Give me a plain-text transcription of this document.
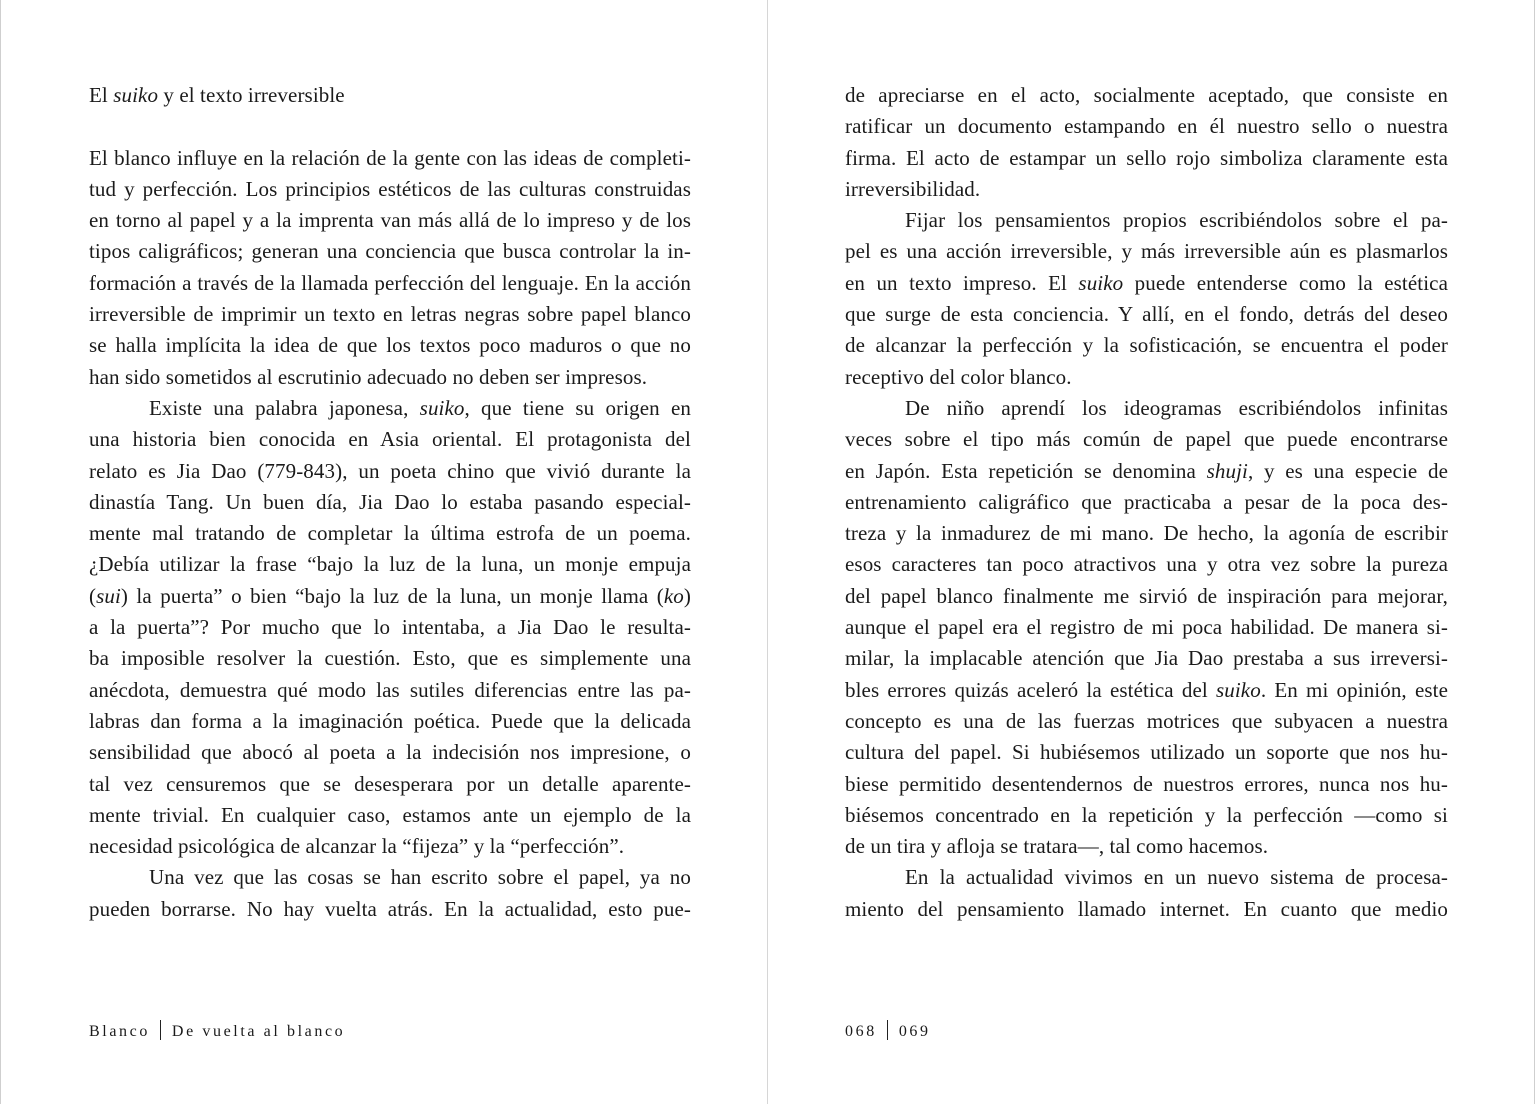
El suiko y el texto irreversible
El blanco influye en la relación de la gente con las ideas de completi-
tud y perfección. Los principios estéticos de las culturas construidas
en torno al papel y a la imprenta van más allá de lo impreso y de los
tipos caligráficos; generan una conciencia que busca controlar la in-
formación a través de la llamada perfección del lenguaje. En la acción
irreversible de imprimir un texto en letras negras sobre papel blanco
se halla implícita la idea de que los textos poco maduros o que no
han sido sometidos al escrutinio adecuado no deben ser impresos.
Existe una palabra japonesa, suiko, que tiene su origen en
una historia bien conocida en Asia oriental. El protagonista del
relato es Jia Dao (779-843), un poeta chino que vivió durante la
dinastía Tang. Un buen día, Jia Dao lo estaba pasando especial-
mente mal tratando de completar la última estrofa de un poema.
¿Debía utilizar la frase “bajo la luz de la luna, un monje empuja
(sui) la puerta” o bien “bajo la luz de la luna, un monje llama (ko)
a la puerta”? Por mucho que lo intentaba, a Jia Dao le resulta-
ba imposible resolver la cuestión. Esto, que es simplemente una
anécdota, demuestra qué modo las sutiles diferencias entre las pa-
labras dan forma a la imaginación poética. Puede que la delicada
sensibilidad que abocó al poeta a la indecisión nos impresione, o
tal vez censuremos que se desesperara por un detalle aparente-
mente trivial. En cualquier caso, estamos ante un ejemplo de la
necesidad psicológica de alcanzar la “fijeza” y la “perfección”.
Una vez que las cosas se han escrito sobre el papel, ya no
pueden borrarse. No hay vuelta atrás. En la actualidad, esto pue-
Blanco De vuelta al blanco
de apreciarse en el acto, socialmente aceptado, que consiste en
ratificar un documento estampando en él nuestro sello o nuestra
firma. El acto de estampar un sello rojo simboliza claramente esta
irreversibilidad.
Fijar los pensamientos propios escribiéndolos sobre el pa-
pel es una acción irreversible, y más irreversible aún es plasmarlos
en un texto impreso. El suiko puede entenderse como la estética
que surge de esta conciencia. Y allí, en el fondo, detrás del deseo
de alcanzar la perfección y la sofisticación, se encuentra el poder
receptivo del color blanco.
De niño aprendí los ideogramas escribiéndolos infinitas
veces sobre el tipo más común de papel que puede encontrarse
en Japón. Esta repetición se denomina shuji, y es una especie de
entrenamiento caligráfico que practicaba a pesar de la poca des-
treza y la inmadurez de mi mano. De hecho, la agonía de escribir
esos caracteres tan poco atractivos una y otra vez sobre la pureza
del papel blanco finalmente me sirvió de inspiración para mejorar,
aunque el papel era el registro de mi poca habilidad. De manera si-
milar, la implacable atención que Jia Dao prestaba a sus irreversi-
bles errores quizás aceleró la estética del suiko. En mi opinión, este
concepto es una de las fuerzas motrices que subyacen a nuestra
cultura del papel. Si hubiésemos utilizado un soporte que nos hu-
biese permitido desentendernos de nuestros errores, nunca nos hu-
biésemos concentrado en la repetición y la perfección —como si
de un tira y afloja se tratara—, tal como hacemos.
En la actualidad vivimos en un nuevo sistema de procesa-
miento del pensamiento llamado internet. En cuanto que medio
068 069
